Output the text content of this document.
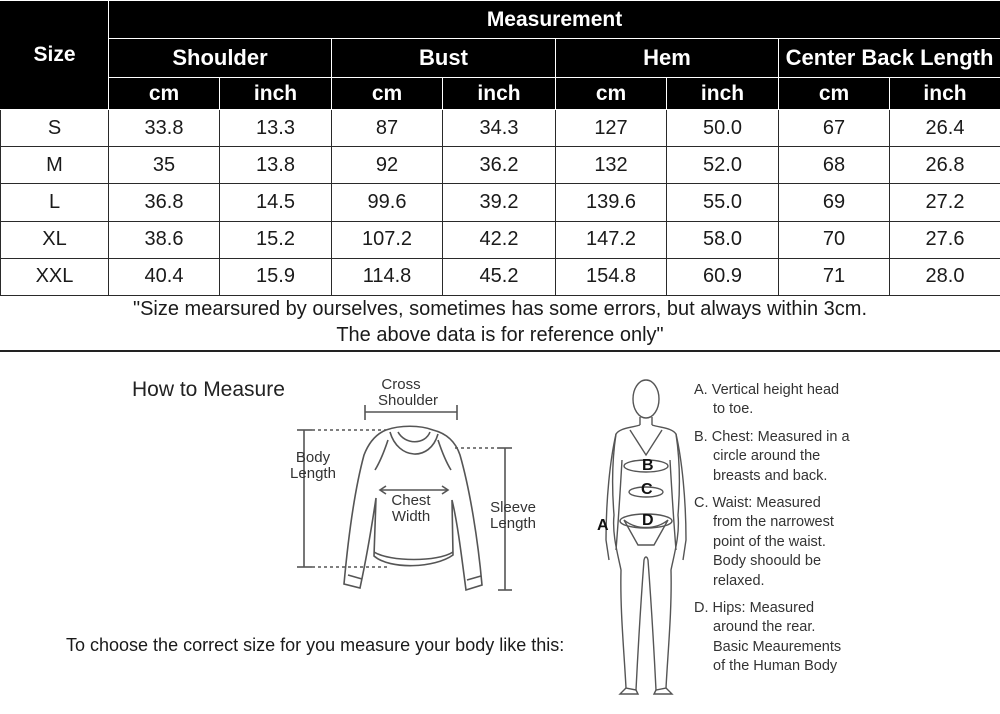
Size	Measurement							
	Shoulder		Bust		Hem		Center Back Length	
	cm	inch	cm	inch	cm	inch	cm	inch
S	33.8	13.3	87	34.3	127	50.0	67	26.4
M	35	13.8	92	36.2	132	52.0	68	26.8
L	36.8	14.5	99.6	39.2	139.6	55.0	69	27.2
XL	38.6	15.2	107.2	42.2	147.2	58.0	70	27.6
XXL	40.4	15.9	114.8	45.2	154.8	60.9	71	28.0
"Size mearsured by ourselves, sometimes has some errors, but always within 3cm.
The above data is for reference only"
How to Measure	Cross
Shoulder
Body
Length
Chest
Width
Sleeve
Length
To choose the correct size for you measure your body like this:
A
B
C
D
A. Vertical height head
to toe.
B. Chest: Measured in a
circle around the
breasts and back.
C. Waist: Measured
from the narrowest
point of the waist.
Body shoould be
relaxed.
D. Hips: Measured
around the rear.
Basic Meaurements
of the Human Body
